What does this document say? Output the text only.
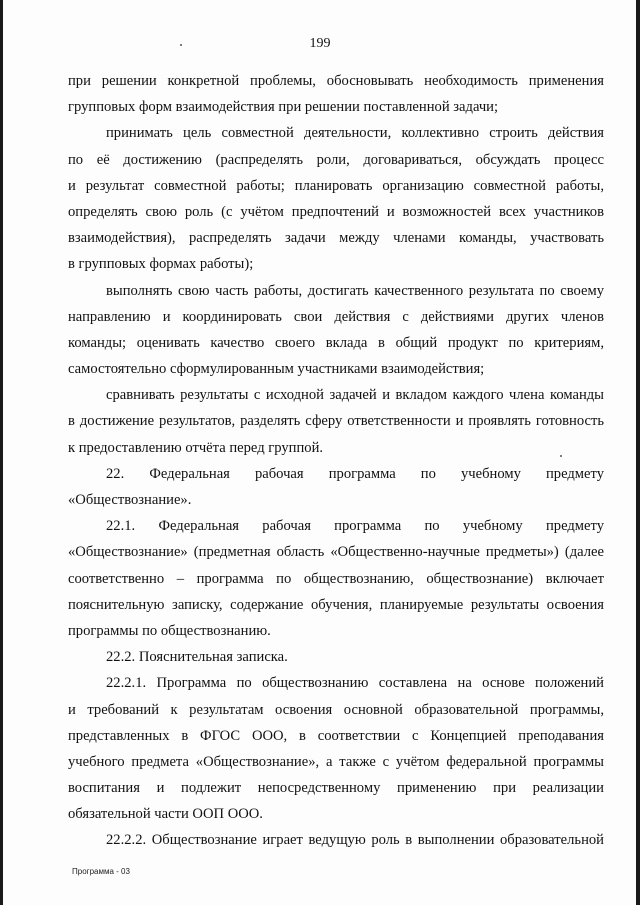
199
при решении конкретной проблемы, обосновывать необходимость применения
групповых форм взаимодействия при решении поставленной задачи;
принимать цель совместной деятельности, коллективно строить действия
по её достижению (распределять роли, договариваться, обсуждать процесс
и результат совместной работы; планировать организацию совместной работы,
определять свою роль (с учётом предпочтений и возможностей всех участников
взаимодействия), распределять задачи между членами команды, участвовать
в групповых формах работы);
выполнять свою часть работы, достигать качественного результата по своему
направлению и координировать свои действия с действиями других членов
команды; оценивать качество своего вклада в общий продукт по критериям,
самостоятельно сформулированным участниками взаимодействия;
сравнивать результаты с исходной задачей и вкладом каждого члена команды
в достижение результатов, разделять сферу ответственности и проявлять готовность
к предоставлению отчёта перед группой.
22. Федеральная рабочая программа по учебному предмету
«Обществознание».
22.1. Федеральная рабочая программа по учебному предмету
«Обществознание» (предметная область «Общественно-научные предметы») (далее
соответственно – программа по обществознанию, обществознание) включает
пояснительную записку, содержание обучения, планируемые результаты освоения
программы по обществознанию.
22.2. Пояснительная записка.
22.2.1. Программа по обществознанию составлена на основе положений
и требований к результатам освоения основной образовательной программы,
представленных в ФГОС ООО, в соответствии с Концепцией преподавания
учебного предмета «Обществознание», а также с учётом федеральной программы
воспитания и подлежит непосредственному применению при реализации
обязательной части ООП ООО.
22.2.2. Обществознание играет ведущую роль в выполнении образовательной
Программа - 03
